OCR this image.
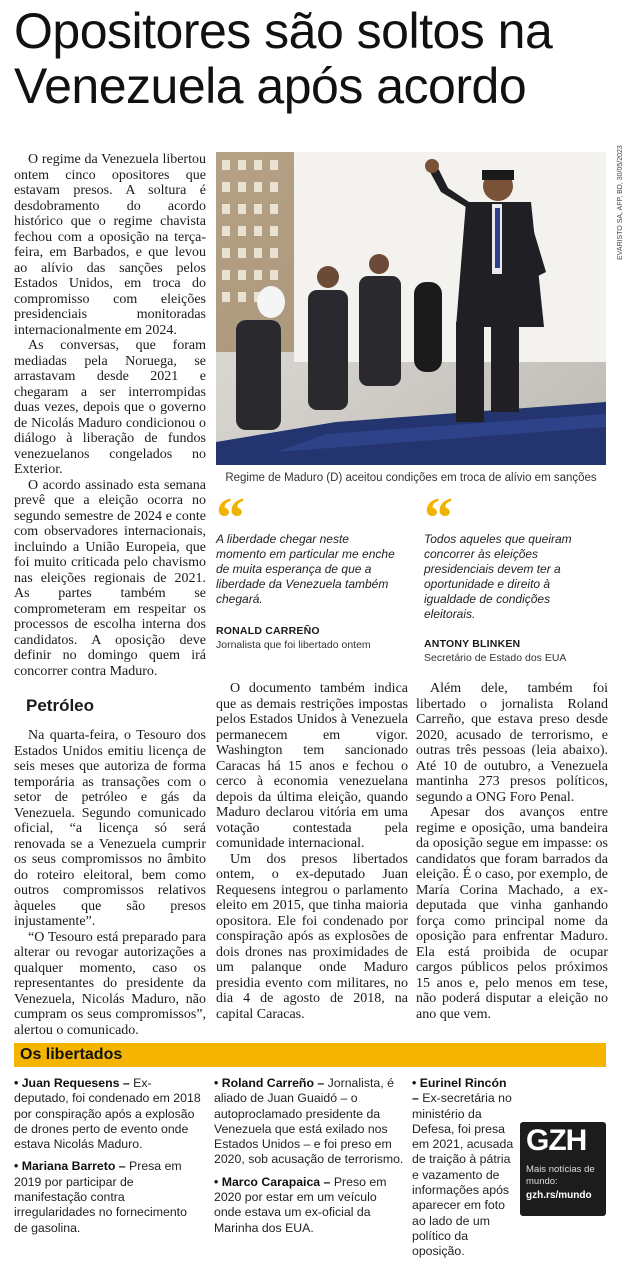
Opositores são soltos na Venezuela após acordo

O regime da Venezuela libertou ontem cinco opositores que estavam presos. A soltura é desdobramento do acordo histórico que o regime chavista fechou com a oposição na terça-feira, em Barbados, e que levou ao alívio das sanções pelos Estados Unidos, em troca do compromisso com eleições presidenciais monitoradas internacionalmente em 2024.

As conversas, que foram mediadas pela Noruega, se arrastavam desde 2021 e chegaram a ser interrompidas duas vezes, depois que o governo de Nicolás Maduro condicionou o diálogo à liberação de fundos venezuelanos congelados no Exterior.

O acordo assinado esta semana prevê que a eleição ocorra no segundo semestre de 2024 e conte com observadores internacionais, incluindo a União Europeia, que foi muito criticada pelo chavismo nas eleições regionais de 2021. As partes também se comprometeram em respeitar os processos de escolha interna dos candidatos. A oposição deve definir no domingo quem irá concorrer contra Maduro.

EVARISTO SA, AFP, BD, 30/05/2023
Regime de Maduro (D) aceitou condições em troca de alívio em sanções
“
A liberdade chegar neste momento em particular me enche de muita esperança de que a liberdade da Venezuela também chegará.
RONALD CARREÑO
Jornalista que foi libertado ontem
“
Todos aqueles que queiram concorrer às eleições presidenciais devem ter a oportunidade e direito à igualdade de condições eleitorais.
ANTONY BLINKEN
Secretário de Estado dos EUA
Petróleo

Na quarta-feira, o Tesouro dos Estados Unidos emitiu licença de seis meses que autoriza de forma temporária as transações com o setor de petróleo e gás da Venezuela. Segundo comunicado oficial, “a licença só será renovada se a Venezuela cumprir os seus compromissos no âmbito do roteiro eleitoral, bem como outros compromissos relativos àqueles que são presos injustamente”.

“O Tesouro está preparado para alterar ou revogar autorizações a qualquer momento, caso os representantes do presidente da Venezuela, Nicolás Maduro, não cumpram os seus compromissos”, alertou o comunicado.

O documento também indica que as demais restrições impostas pelos Estados Unidos à Venezuela permanecem em vigor. Washington tem sancionado Caracas há 15 anos e fechou o cerco à economia venezuelana depois da última eleição, quando Maduro declarou vitória em uma votação contestada pela comunidade internacional.

Um dos presos libertados ontem, o ex-deputado Juan Requesens integrou o parlamento eleito em 2015, que tinha maioria opositora. Ele foi condenado por conspiração após as explosões de dois drones nas proximidades de um palanque onde Maduro presidia evento com militares, no dia 4 de agosto de 2018, na capital Caracas.

Além dele, também foi libertado o jornalista Roland Carreño, que estava preso desde 2020, acusado de terrorismo, e outras três pessoas (leia abaixo). Até 10 de outubro, a Venezuela mantinha 273 presos políticos, segundo a ONG Foro Penal.

Apesar dos avanços entre regime e oposição, uma bandeira da oposição segue em impasse: os candidatos que foram barrados da eleição. É o caso, por exemplo, de María Corina Machado, a ex-deputada que vinha ganhando força como principal nome da oposição para enfrentar Maduro. Ela está proibida de ocupar cargos públicos pelos próximos 15 anos e, pelo menos em tese, não poderá disputar a eleição no ano que vem.

Os libertados

• Juan Requesens – Ex-deputado, foi condenado em 2018 por conspiração após a explosão de drones perto de evento onde estava Nicolás Maduro.

• Mariana Barreto – Presa em 2019 por participar de manifestação contra irregularidades no fornecimento de gasolina.

• Roland Carreño – Jornalista, é aliado de Juan Guaidó – o autoproclamado presidente da Venezuela que está exilado nos Estados Unidos – e foi preso em 2020, sob acusação de terrorismo.

• Marco Carapaica – Preso em 2020 por estar em um veículo onde estava um ex-oficial da Marinha dos EUA.

• Eurinel Rincón – Ex-secretária no ministério da Defesa, foi presa em 2021, acusada de traição à pátria e vazamento de informações após aparecer em foto ao lado de um político da oposição.

GZH
Mais notícias de mundo:
gzh.rs/mundo
